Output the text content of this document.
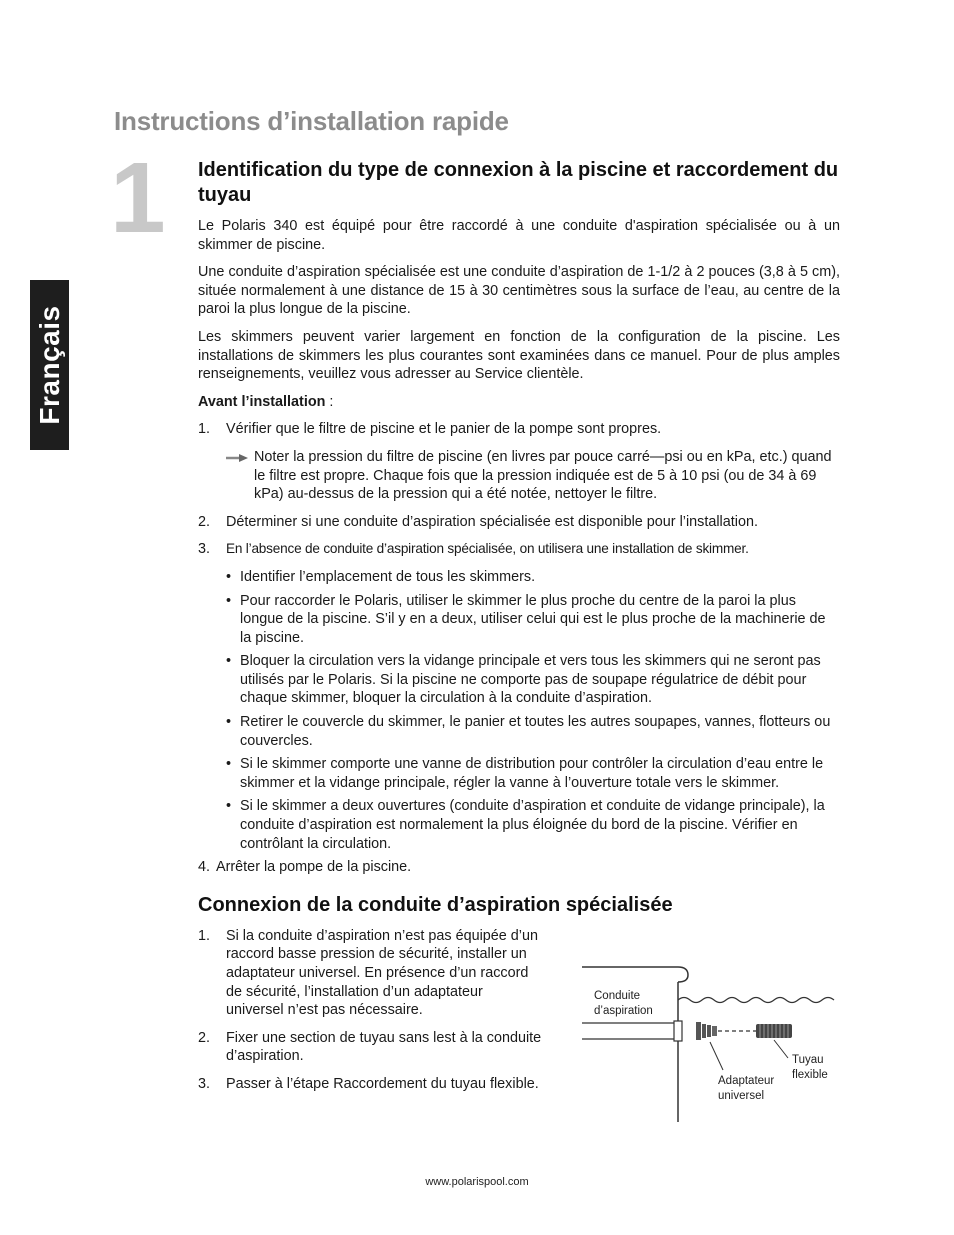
Instructions d’installation rapide
1
Français
Identification du type de connexion à la piscine et raccordement du tuyau

Le Polaris 340 est équipé pour être raccordé à une conduite d'aspiration spécialisée ou à un skimmer de piscine.

Une conduite d’aspiration spécialisée est une conduite d’aspiration de 1-1/2 à 2 pouces (3,8 à 5 cm), située normalement à une distance de 15 à 30 centimètres sous la surface de l’eau, au centre de la paroi la plus longue de la piscine.

Les skimmers peuvent varier largement en fonction de la configuration de la piscine. Les installations de skimmers les plus courantes sont examinées dans ce manuel. Pour de plus amples renseignements, veuillez vous adresser au Service clientèle.

Avant l’installation :

1. Vérifier que le filtre de piscine et le panier de la pompe sont propres.
Noter la pression du filtre de piscine (en livres par pouce carré—psi ou en kPa, etc.) quand le filtre est propre. Chaque fois que la pression indiquée est de 5 à 10 psi (ou de 34 à 69 kPa) au-dessus de la pression qui a été notée, nettoyer le filtre.
2. Déterminer si une conduite d’aspiration spécialisée est disponible pour l’installation.
3. En l’absence de conduite d’aspiration spécialisée, on utilisera une installation de skimmer.
• Identifier l’emplacement de tous les skimmers.
• Pour raccorder le Polaris, utiliser le skimmer le plus proche du centre de la paroi la plus longue de la piscine. S’il y en a deux, utiliser celui qui est le plus proche de la machinerie de la piscine.
• Bloquer la circulation vers la vidange principale et vers tous les skimmers qui ne seront pas utilisés par le Polaris. Si la piscine ne comporte pas de soupape régulatrice de débit pour chaque skimmer, bloquer la circulation à la conduite d’aspiration.
• Retirer le couvercle du skimmer, le panier et toutes les autres soupapes, vannes, flotteurs ou couvercles.
• Si le skimmer comporte une vanne de distribution pour contrôler la circulation d’eau entre le skimmer et la vidange principale, régler la vanne à l’ouverture totale vers le skimmer.
• Si le skimmer a deux ouvertures (conduite d’aspiration et conduite de vidange principale), la conduite d’aspiration est normalement la plus éloignée du bord de la piscine. Vérifier en contrôlant la circulation.
4. Arrêter la pompe de la piscine.
Connexion de la conduite d’aspiration spécialisée
1. Si la conduite d’aspiration n’est pas équipée d’un raccord basse pression de sécurité, installer un adaptateur universel. En présence d’un raccord de sécurité, l’installation d’un adaptateur universel n’est pas nécessaire.
2. Fixer une section de tuyau sans lest à la conduite d’aspiration.
3. Passer à l’étape Raccordement du tuyau flexible.
Conduite
d’aspiration
Adaptateur
universel
Tuyau
flexible
www.polarispool.com
